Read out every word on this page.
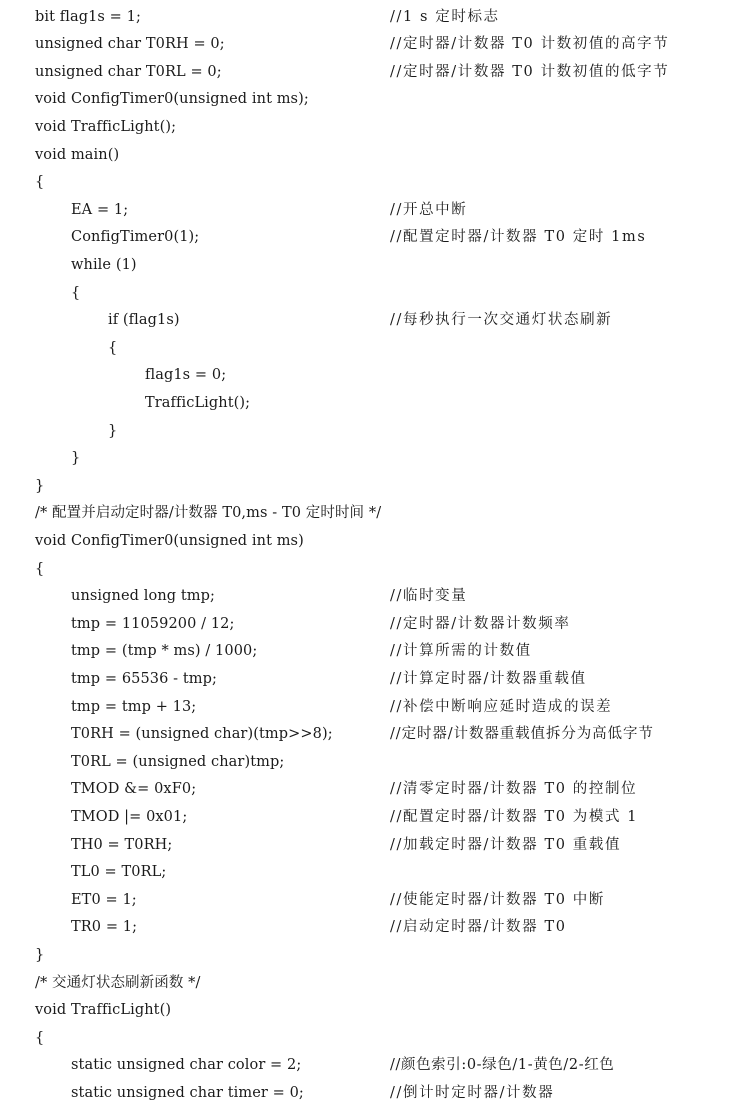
bit flag1s = 1;	//1 s 定时标志
unsigned char T0RH = 0;	//定时器/计数器 T0 计数初值的高字节
unsigned char T0RL = 0;	//定时器/计数器 T0 计数初值的低字节
void ConfigTimer0(unsigned int ms);
void TrafficLight();
void main()
{
EA = 1;	//开总中断
ConfigTimer0(1);	//配置定时器/计数器 T0 定时 1ms
while (1)
{
if (flag1s)	//每秒执行一次交通灯状态刷新
{
flag1s = 0;
TrafficLight();
}
}
}
/* 配置并启动定时器/计数器 T0,ms - T0 定时时间 */
void ConfigTimer0(unsigned int ms)
{
unsigned long tmp;	//临时变量
tmp = 11059200 / 12;	//定时器/计数器计数频率
tmp = (tmp * ms) / 1000;	//计算所需的计数值
tmp = 65536 - tmp;	//计算定时器/计数器重载值
tmp = tmp + 13;	//补偿中断响应延时造成的误差
T0RH = (unsigned char)(tmp>>8);	//定时器/计数器重载值拆分为高低字节
T0RL = (unsigned char)tmp;
TMOD &= 0xF0;	//清零定时器/计数器 T0 的控制位
TMOD |= 0x01;	//配置定时器/计数器 T0 为模式 1
TH0 = T0RH;	//加载定时器/计数器 T0 重载值
TL0 = T0RL;
ET0 = 1;	//使能定时器/计数器 T0 中断
TR0 = 1;	//启动定时器/计数器 T0
}
/* 交通灯状态刷新函数 */
void TrafficLight()
{
static unsigned char color = 2;	//颜色索引:0-绿色/1-黄色/2-红色
static unsigned char timer = 0;	//倒计时定时器/计数器
